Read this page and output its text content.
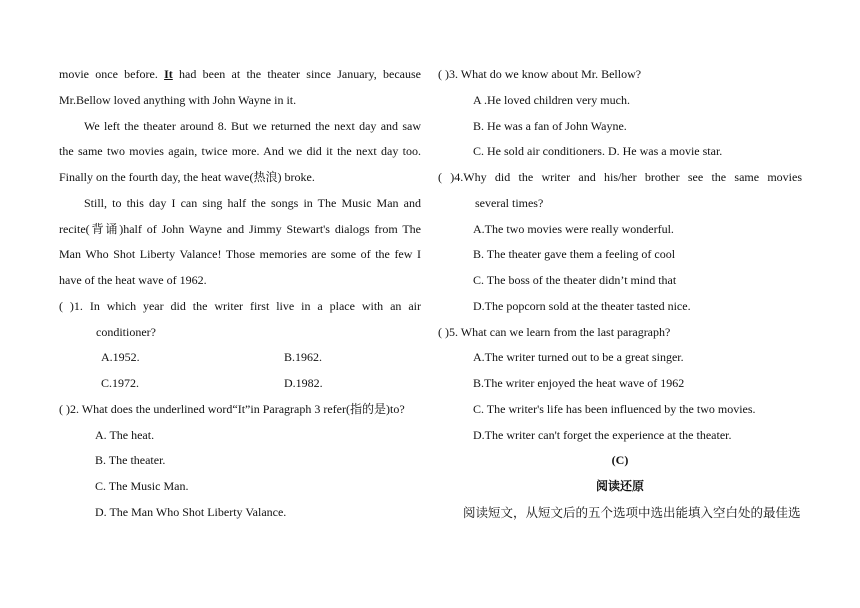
movie once before. It had been at the theater since January, because
Mr.Bellow loved anything with John Wayne in it.
We left the theater around 8. But we returned the next day and saw
the same two movies again, twice more. And we did it the next day too.
Finally on the fourth day, the heat wave(热浪) broke.
Still, to this day I can sing half the songs in The Music Man and
recite(背诵)half of John Wayne and Jimmy Stewart's dialogs from The
Man Who Shot Liberty Valance! Those memories are some of the few I
have of the heat wave of 1962.
( )1. In which year did the writer first live in a place with an air
conditioner?
A.1952.	B.1962.
C.1972.	D.1982.
( )2. What does the underlined word“It”in Paragraph 3 refer(指的是)to?
A. The heat.
B. The theater.
C. The Music Man.
D. The Man Who Shot Liberty Valance.
( )3. What do we know about Mr. Bellow?
A .He loved children very much.
B. He was a fan of John Wayne.
C. He sold air conditioners. D. He was a movie star.
( )4.Why did the writer and his/her brother see the same movies
several times?
A.The two movies were really wonderful.
B. The theater gave them a feeling of cool
C. The boss of the theater didn’t mind that
D.The popcorn sold at the theater tasted nice.
( )5. What can we learn from the last paragraph?
A.The writer turned out to be a great singer.
B.The writer enjoyed the heat wave of 1962
C. The writer's life has been influenced by the two movies.
D.The writer can't forget the experience at the theater.
(C)
阅读还原
阅读短文，从短文后的五个选项中选出能填入空白处的最佳选
